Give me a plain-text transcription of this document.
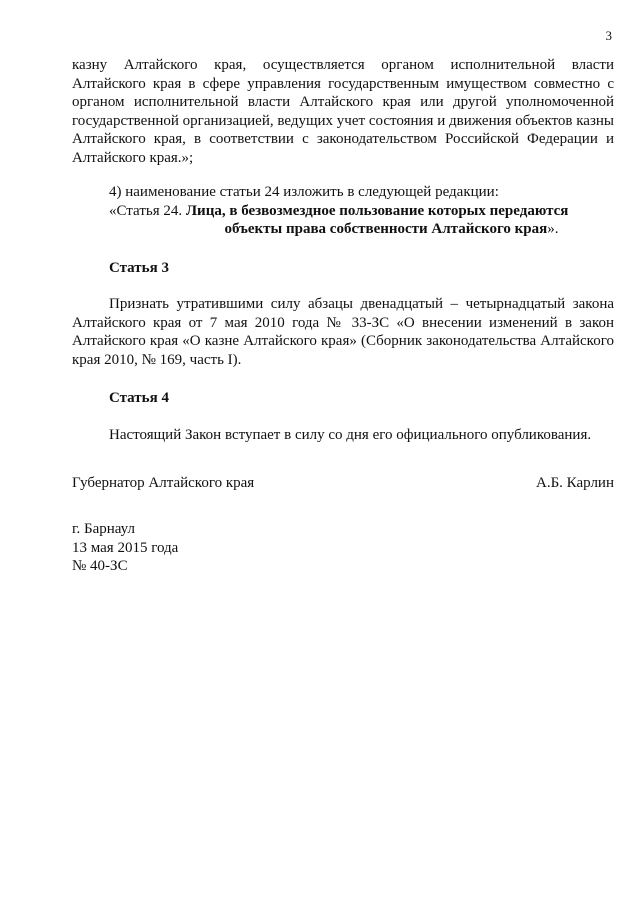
3

казну Алтайского края, осуществляется органом исполнительной власти Алтайского края в сфере управления государственным имуществом совместно с органом исполнительной власти Алтайского края или другой уполномоченной государственной организацией, ведущих учет состояния и движения объектов казны Алтайского края, в соответствии с законодательством Российской Федерации и Алтайского края.»;

4) наименование статьи 24 изложить в следующей редакции:

«Статья 24. Лица, в безвозмездное пользование которых передаются
объекты права собственности Алтайского края».

Статья 3

Признать утратившими силу абзацы двенадцатый – четырнадцатый закона Алтайского края от 7 мая 2010 года № 33-ЗС «О внесении изменений в закон Алтайского края «О казне Алтайского края» (Сборник законодательства Алтайского края 2010, № 169, часть I).

Статья 4

Настоящий Закон вступает в силу со дня его официального опубликования.

Губернатор Алтайского края	А.Б. Карлин
г. Барнаул
13 мая 2015 года
№ 40-ЗС
